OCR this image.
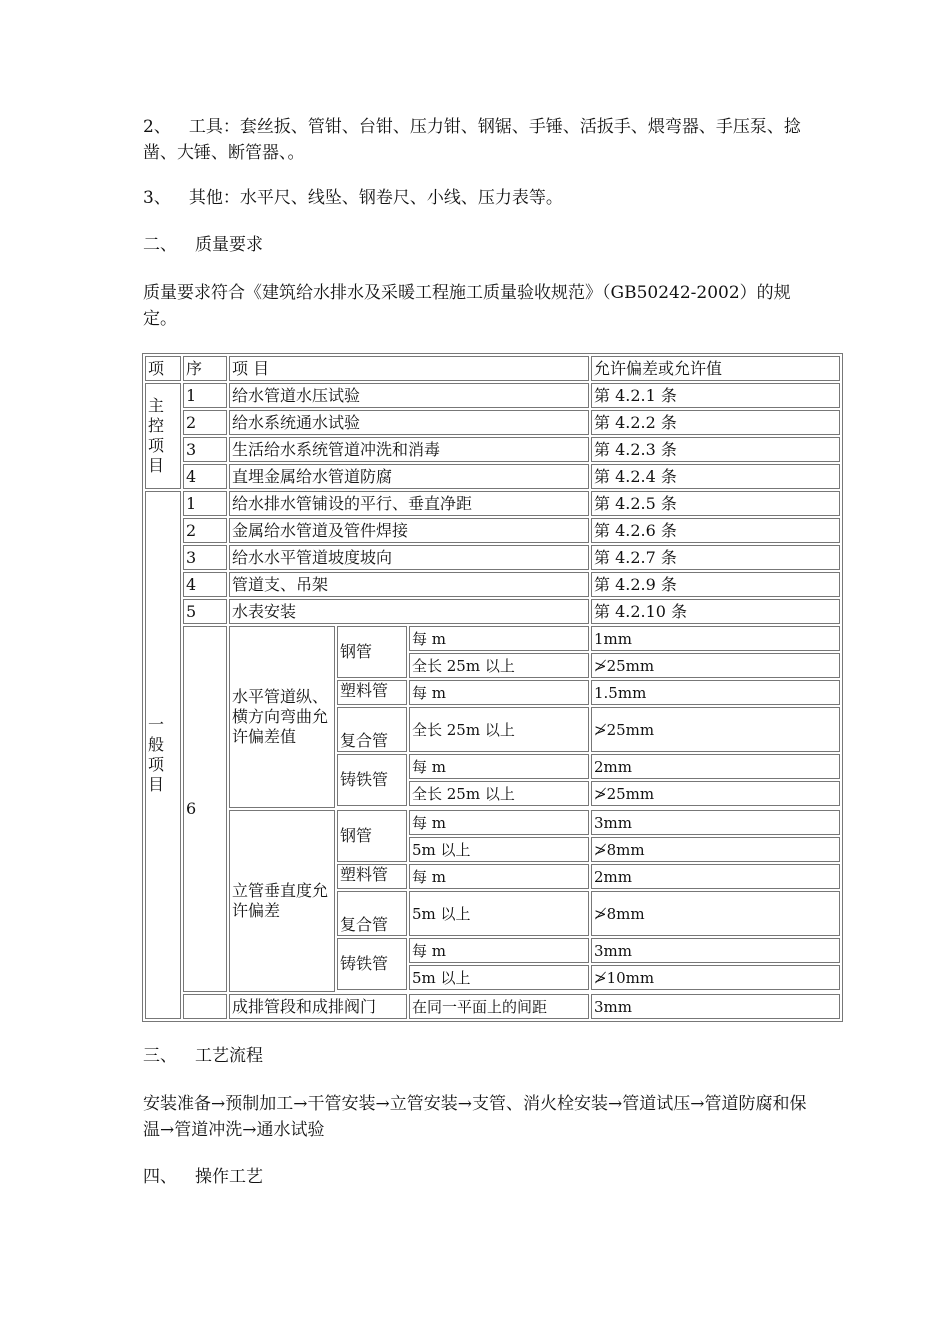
2、 工具：套丝扳、管钳、台钳、压力钳、钢锯、手锤、活扳手、煨弯器、手压泵、捻凿、大锤、断管器、。

3、 其他：水平尺、线坠、钢卷尺、小线、压力表等。

二、 质量要求

质量要求符合《建筑给水排水及采暖工程施工质量验收规范》（GB50242-2002）的规定。

项	序	项 目			允许偏差或允许值
主控项目	1	给水管道水压试验			第 4.2.1 条
	2	给水系统通水试验			第 4.2.2 条
	3	生活给水系统管道冲洗和消毒			第 4.2.3 条
	4	直埋金属给水管道防腐			第 4.2.4 条
一般项目	1	给水排水管铺设的平行、垂直净距			第 4.2.5 条
	2	金属给水管道及管件焊接			第 4.2.6 条
	3	给水水平管道坡度坡向			第 4.2.7 条
	4	管道支、吊架			第 4.2.9 条
	5	水表安装			第 4.2.10 条
	6	水平管道纵、横方向弯曲允许偏差值	钢管	每 m	1mm
				全长 25m 以上	≯25mm
			塑料管	每 m	1.5mm
			复合管	全长 25m 以上	≯25mm
			铸铁管	每 m	2mm
				全长 25m 以上	≯25mm

		立管垂直度允许偏差	钢管	每 m	3mm
				5m 以上	≯8mm
			塑料管	每 m	2mm
			复合管	5m 以上	≯8mm
			铸铁管	每 m	3mm
				5m 以上	≯10mm

		成排管段和成排阀门		在同一平面上的间距	3mm

三、 工艺流程

安装准备→预制加工→干管安装→立管安装→支管、消火栓安装→管道试压→管道防腐和保温→管道冲洗→通水试验

四、 操作工艺
